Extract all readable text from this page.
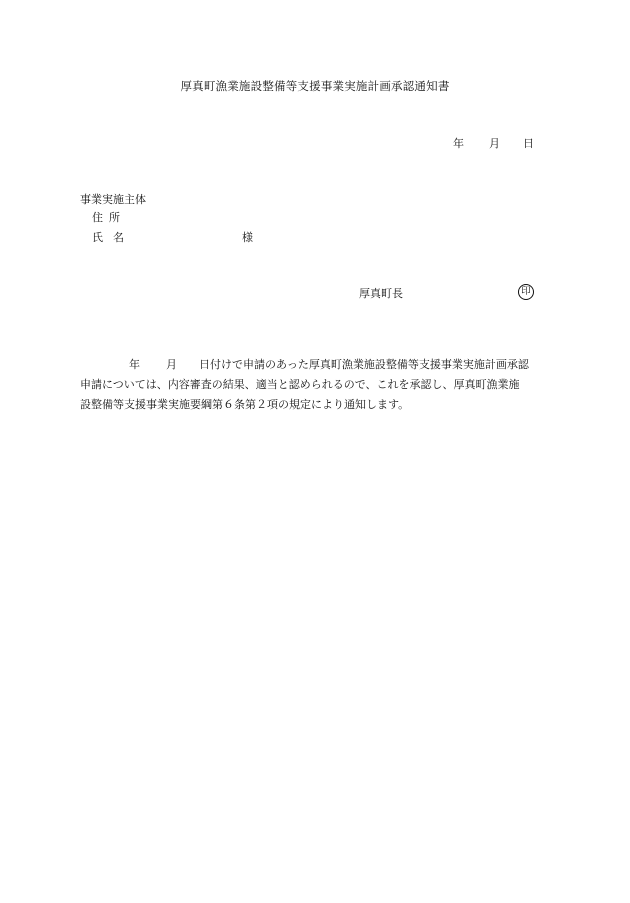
厚真町漁業施設整備等支援事業実施計画承認通知書
年 月 日
事業実施主体
住 所
氏 名	様
厚真町長	印
年 月 日付けで申請のあった厚真町漁業施設整備等支援事業実施計画承認
申請については、内容審査の結果、適当と認められるので、これを承認し、厚真町漁業施
設整備等支援事業実施要綱第６条第２項の規定により通知します。
